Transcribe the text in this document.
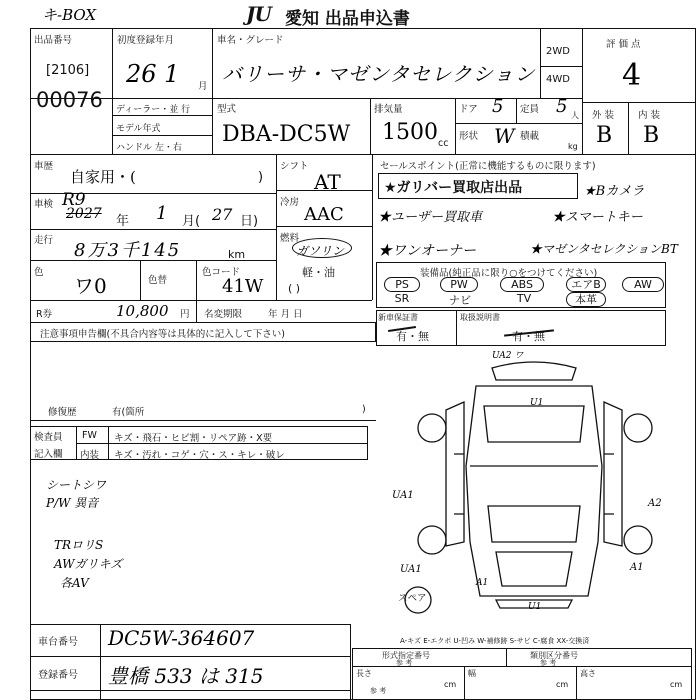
キ-BOX	JU 愛知 出品申込書
出品番号
[2106]
00076
初度登録年月
26 1 月
車名・グレード
バリーサ・マゼンタセレクション
2WD
4WD
評価点
4
外 装	内 装
B B
ディーラー・並 行
モデル年式
ハンドル 左・右
型式
DBA-DC5W
排気量
1500 cc
ドア 5 定員 5 人
形状 W 積載
kg
車歴
自家用・(	)
車検 R9
2027 年 1 月( 27 日)
走行 8万3千145	km
色
ワ0	色替
色コード
41W
シフト
AT
冷房
AAC
燃料
ガソリン
軽・油
( )
セールスポイント(正常に機能するものに限ります)
★ガリバー買取店出品	★Bカメラ
★ユーザー買取車	★スマートキー
★ワンオーナー	★マゼンタセレクションBT
装備品(純正品に限り○をつけてください)
PS	PW	ABS	エアB	AW
SR	ナビ	TV	本革
R券	10,800 円 名変期限	年 月 日
注意事項申告欄(不具合内容等は具体的に記入して下さい)
新車保証書
有・無
取扱説明書
有・無
修復歴	有(箇所	)
検査員
記入欄
FW キズ・飛石・ヒビ割・リペア跡・X要
内装 キズ・汚れ・コゲ・穴・ス・キレ・破レ
シートシワ
P/W 異音
TRロリS
AWガリキズ
各AV
UA2 ワ
U1
UA1
A2
UA1	A1
U1
A1
スペア
A-キズ E-エクボ U-凹み W-補修跡 S-サビ C-腐食 XX-交換済
車台番号 DC5W-364607
登録番号 豊橋 533 は 315
形式指定番号
参 考
類別区分番号
参 考
長さ	幅	高さ
参 考
cm	cm	cm
